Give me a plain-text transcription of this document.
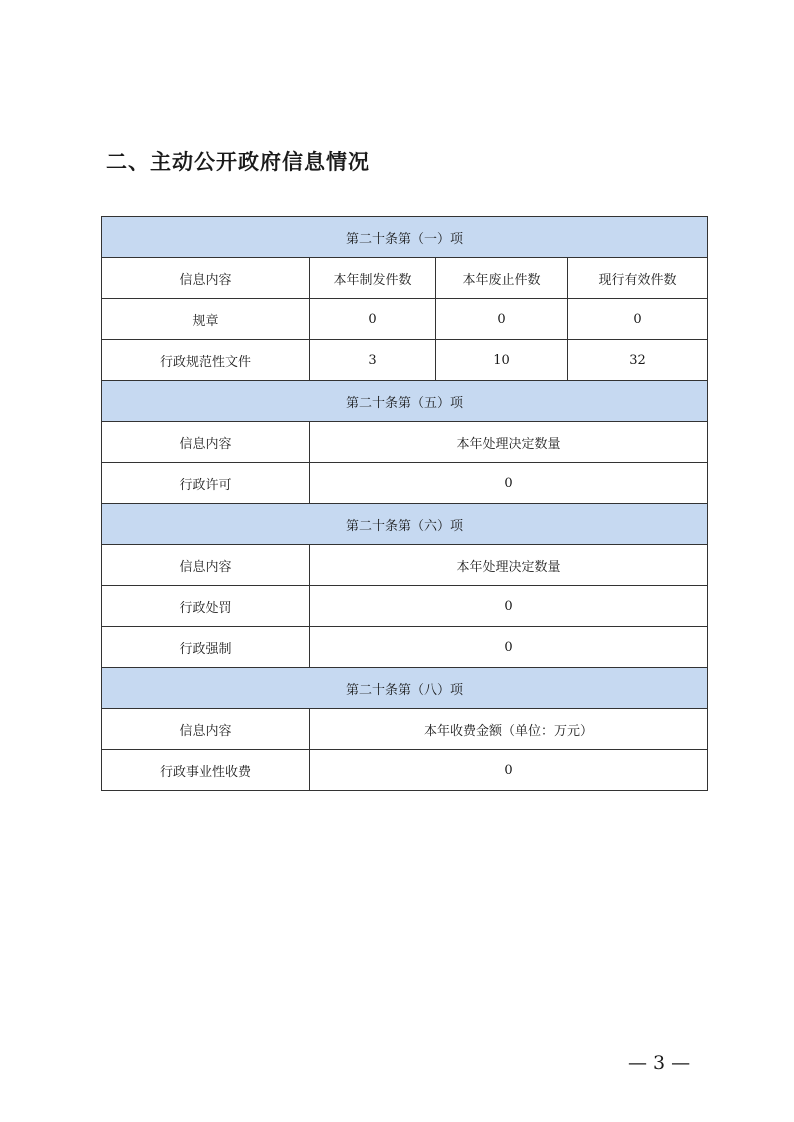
二、主动公开政府信息情况
第二十条第（一）项			
信息内容	本年制发件数	本年废止件数	现行有效件数
规章	0	0	0
行政规范性文件	3	10	32
第二十条第（五）项			
信息内容	本年处理决定数量		
行政许可	0		
第二十条第（六）项			
信息内容	本年处理决定数量		
行政处罚	0		
行政强制	0		
第二十条第（八）项			
信息内容	本年收费金额（单位：万元）		
行政事业性收费	0		
— 3 —
